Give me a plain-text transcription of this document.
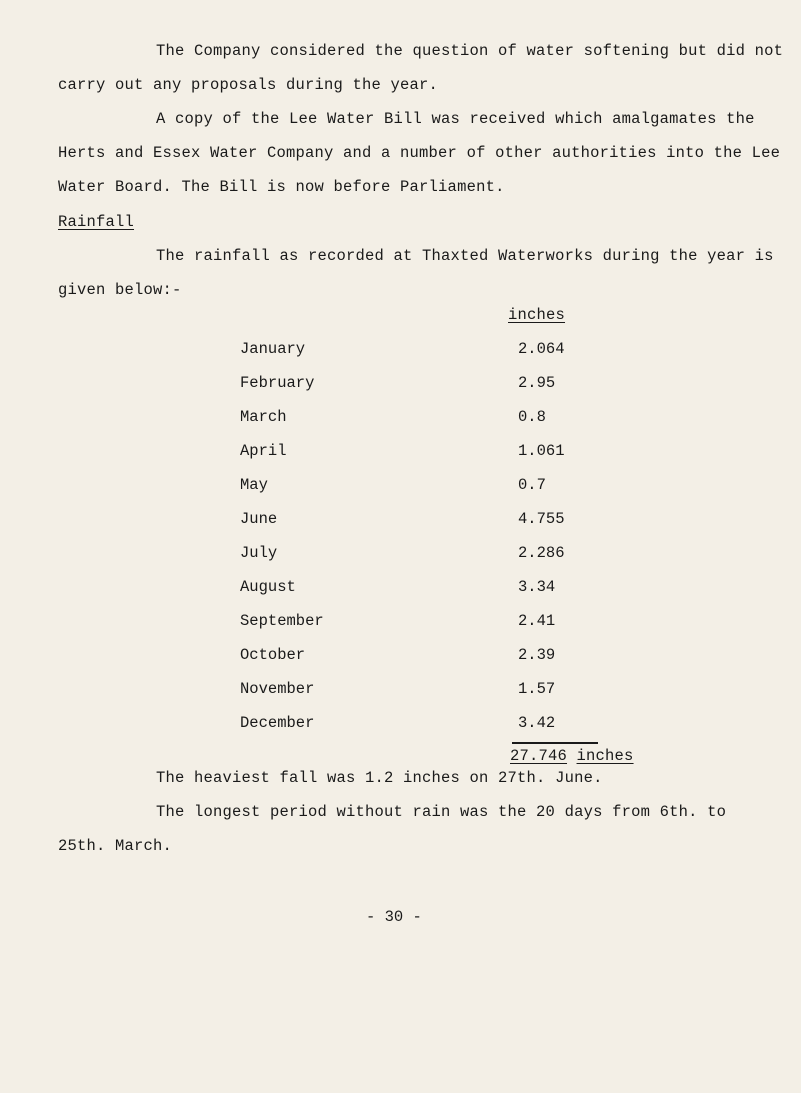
The Company considered the question of water softening but did not
carry out any proposals during the year.
A copy of the Lee Water Bill was received which amalgamates the
Herts and Essex Water Company and a number of other authorities into the Lee
Water Board. The Bill is now before Parliament.
Rainfall
The rainfall as recorded at Thaxted Waterworks during the year is
given below:-
inches
January	2.064
February	2.95
March	0.8
April	1.061
May	0.7
June	4.755
July	2.286
August	3.34
September	2.41
October	2.39
November	1.57
December	3.42
27.746 inches
The heaviest fall was 1.2 inches on 27th. June.
The longest period without rain was the 20 days from 6th. to
25th. March.
- 30 -
